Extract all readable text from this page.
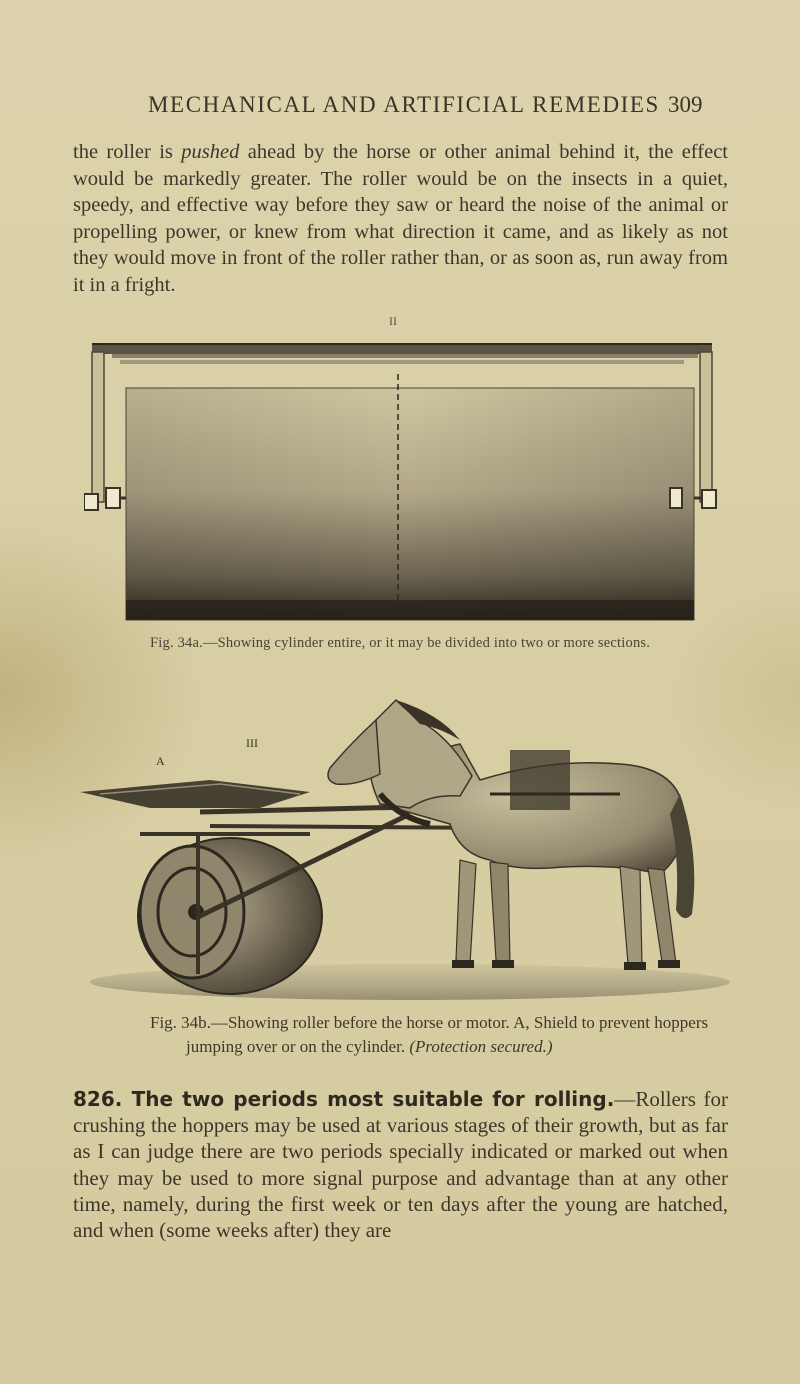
MECHANICAL AND ARTIFICIAL REMEDIES 309
the roller is pushed ahead by the horse or other animal behind it, the effect would be markedly greater. The roller would be on the insects in a quiet, speedy, and effective way before they saw or heard the noise of the animal or propelling power, or knew from what direction it came, and as likely as not they would move in front of the roller rather than, or as soon as, run away from it in a fright.
II
Fig. 34a.—Showing cylinder entire, or it may be divided into two or more sections.
A
III
Fig. 34b.—Showing roller before the horse or motor. A, Shield to prevent hoppers
jumping over or on the cylinder. (Protection secured.)
826. The two periods most suitable for rolling.—Rollers for crushing the hoppers may be used at various stages of their growth, but as far as I can judge there are two periods specially indicated or marked out when they may be used to more signal purpose and advantage than at any other time, namely, during the first week or ten days after the young are hatched, and when (some weeks after) they are
